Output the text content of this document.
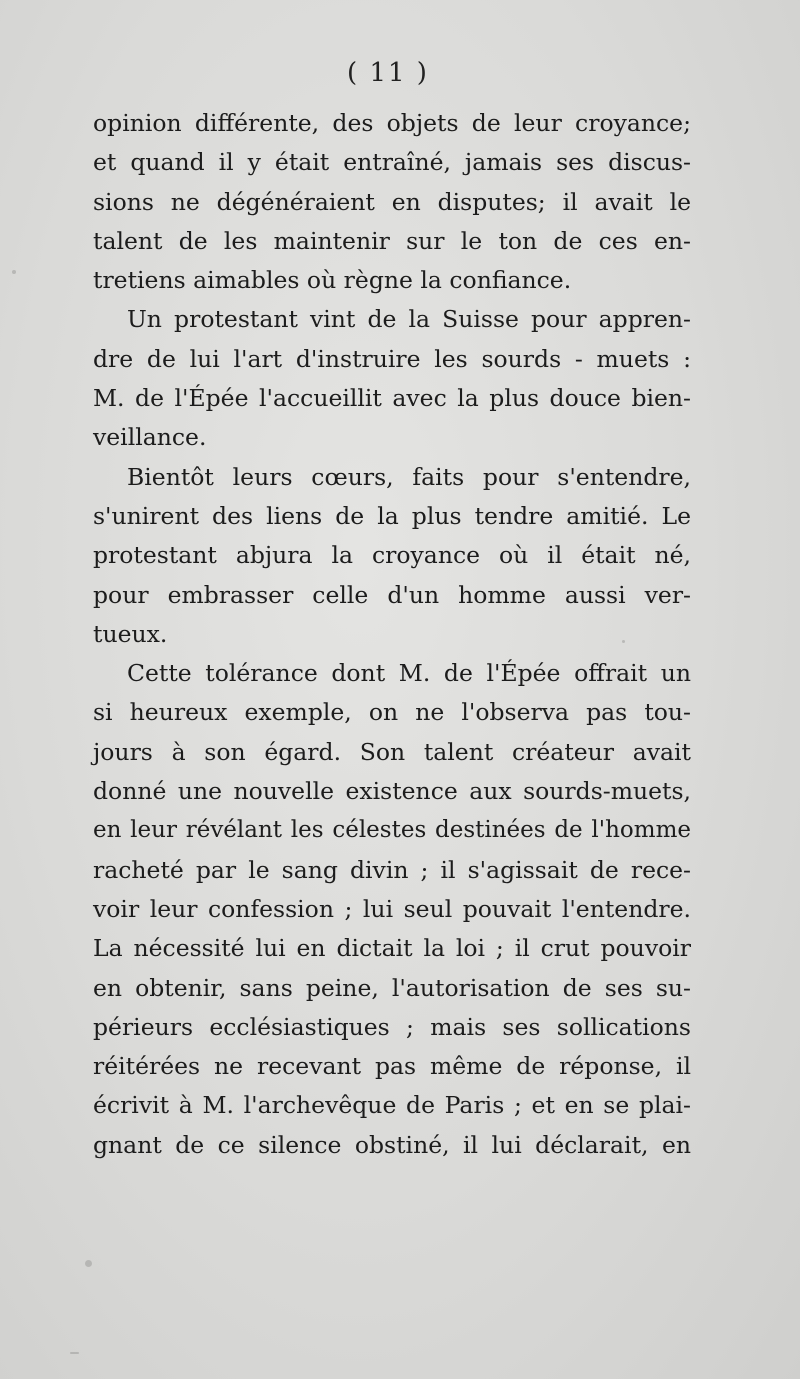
( 11 )
opinion différente, des objets de leur croyance;
et quand il y était entraîné, jamais ses discus-
sions ne dégénéraient en disputes; il avait le
talent de les maintenir sur le ton de ces en-
tretiens aimables où règne la confiance.
Un protestant vint de la Suisse pour appren-
dre de lui l'art d'instruire les sourds - muets :
M. de l'Épée l'accueillit avec la plus douce bien-
veillance.
Bientôt leurs cœurs, faits pour s'entendre,
s'unirent des liens de la plus tendre amitié. Le
protestant abjura la croyance où il était né,
pour embrasser celle d'un homme aussi ver-
tueux.
Cette tolérance dont M. de l'Épée offrait un
si heureux exemple, on ne l'observa pas tou-
jours à son égard. Son talent créateur avait
donné une nouvelle existence aux sourds-muets,
en leur révélant les célestes destinées de l'homme
racheté par le sang divin ; il s'agissait de rece-
voir leur confession ; lui seul pouvait l'entendre.
La nécessité lui en dictait la loi ; il crut pouvoir
en obtenir, sans peine, l'autorisation de ses su-
périeurs ecclésiastiques ; mais ses sollications
réitérées ne recevant pas même de réponse, il
écrivit à M. l'archevêque de Paris ; et en se plai-
gnant de ce silence obstiné, il lui déclarait, en
